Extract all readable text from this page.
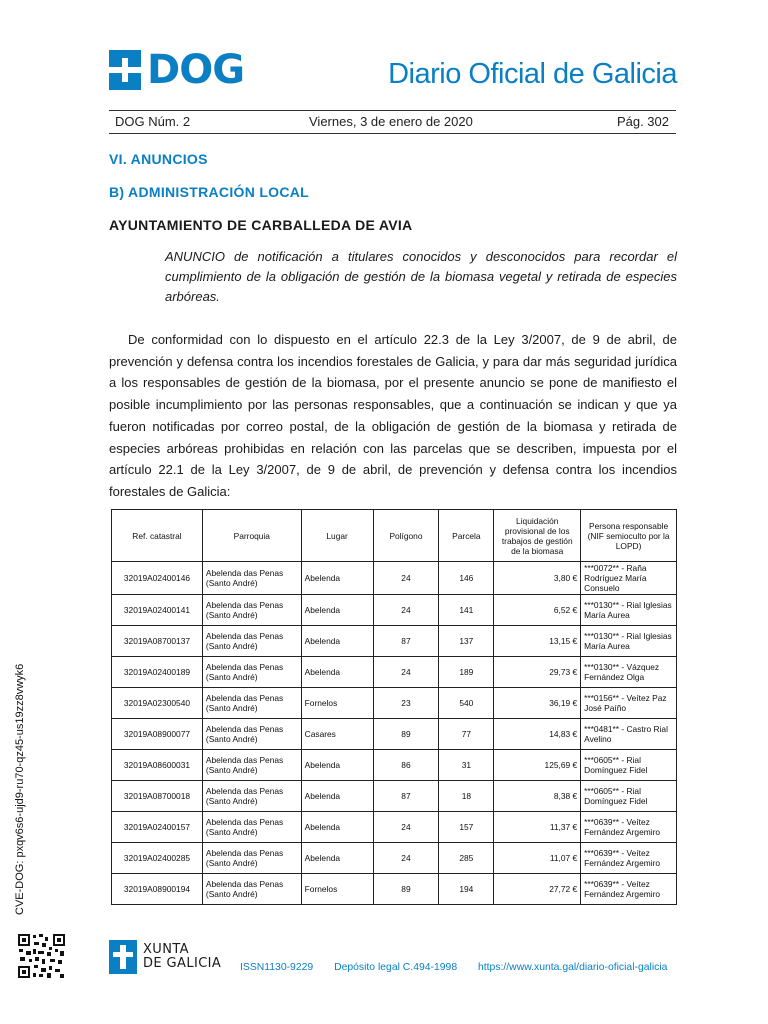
DOG	Diario Oficial de Galicia
DOG Núm. 2	Viernes, 3 de enero de 2020	Pág. 302
VI. ANUNCIOS
B) ADMINISTRACIÓN LOCAL
AYUNTAMIENTO DE CARBALLEDA DE AVIA
ANUNCIO de notificación a titulares conocidos y desconocidos para recordar el cumplimiento de la obligación de gestión de la biomasa vegetal y retirada de especies arbóreas.
De conformidad con lo dispuesto en el artículo 22.3 de la Ley 3/2007, de 9 de abril, de prevención y defensa contra los incendios forestales de Galicia, y para dar más seguridad jurídica a los responsables de gestión de la biomasa, por el presente anuncio se pone de manifiesto el posible incumplimiento por las personas responsables, que a continuación se indican y que ya fueron notificadas por correo postal, de la obligación de gestión de la biomasa y retirada de especies arbóreas prohibidas en relación con las parcelas que se describen, impuesta por el artículo 22.1 de la Ley 3/2007, de 9 de abril, de prevención y defensa contra los incendios forestales de Galicia:
Ref. catastral	Parroquia	Lugar	Polígono	Parcela	Liquidación provisional de los trabajos de gestión de la biomasa	Persona responsable (NIF semioculto por la LOPD)
32019A02400146	Abelenda das Penas (Santo André)	Abelenda	24	146	3,80 €	***0072** - Raña Rodríguez María Consuelo
32019A02400141	Abelenda das Penas (Santo André)	Abelenda	24	141	6,52 €	***0130** - Rial Iglesias María Aurea
32019A08700137	Abelenda das Penas (Santo André)	Abelenda	87	137	13,15 €	***0130** - Rial Iglesias María Aurea
32019A02400189	Abelenda das Penas (Santo André)	Abelenda	24	189	29,73 €	***0130** - Vázquez Fernández Olga
32019A02300540	Abelenda das Penas (Santo André)	Fornelos	23	540	36,19 €	***0156** - Veítez Paz José Paíño
32019A08900077	Abelenda das Penas (Santo André)	Casares	89	77	14,83 €	***0481** - Castro Rial Avelino
32019A08600031	Abelenda das Penas (Santo André)	Abelenda	86	31	125,69 €	***0605** - Rial Domínguez Fidel
32019A08700018	Abelenda das Penas (Santo André)	Abelenda	87	18	8,38 €	***0605** - Rial Domínguez Fidel
32019A02400157	Abelenda das Penas (Santo André)	Abelenda	24	157	11,37 €	***0639** - Veítez Fernández Argemiro
32019A02400285	Abelenda das Penas (Santo André)	Abelenda	24	285	11,07 €	***0639** - Veítez Fernández Argemiro
32019A08900194	Abelenda das Penas (Santo André)	Fornelos	89	194	27,72 €	***0639** - Veítez Fernández Argemiro
CVE-DOG: pxqv6s6-ujd9-ru70-qz45-us19zz8vwyk6
XUNTA
DE GALICIA ISSN1130-9229 Depósito legal C.494-1998 https://www.xunta.gal/diario-oficial-galicia
